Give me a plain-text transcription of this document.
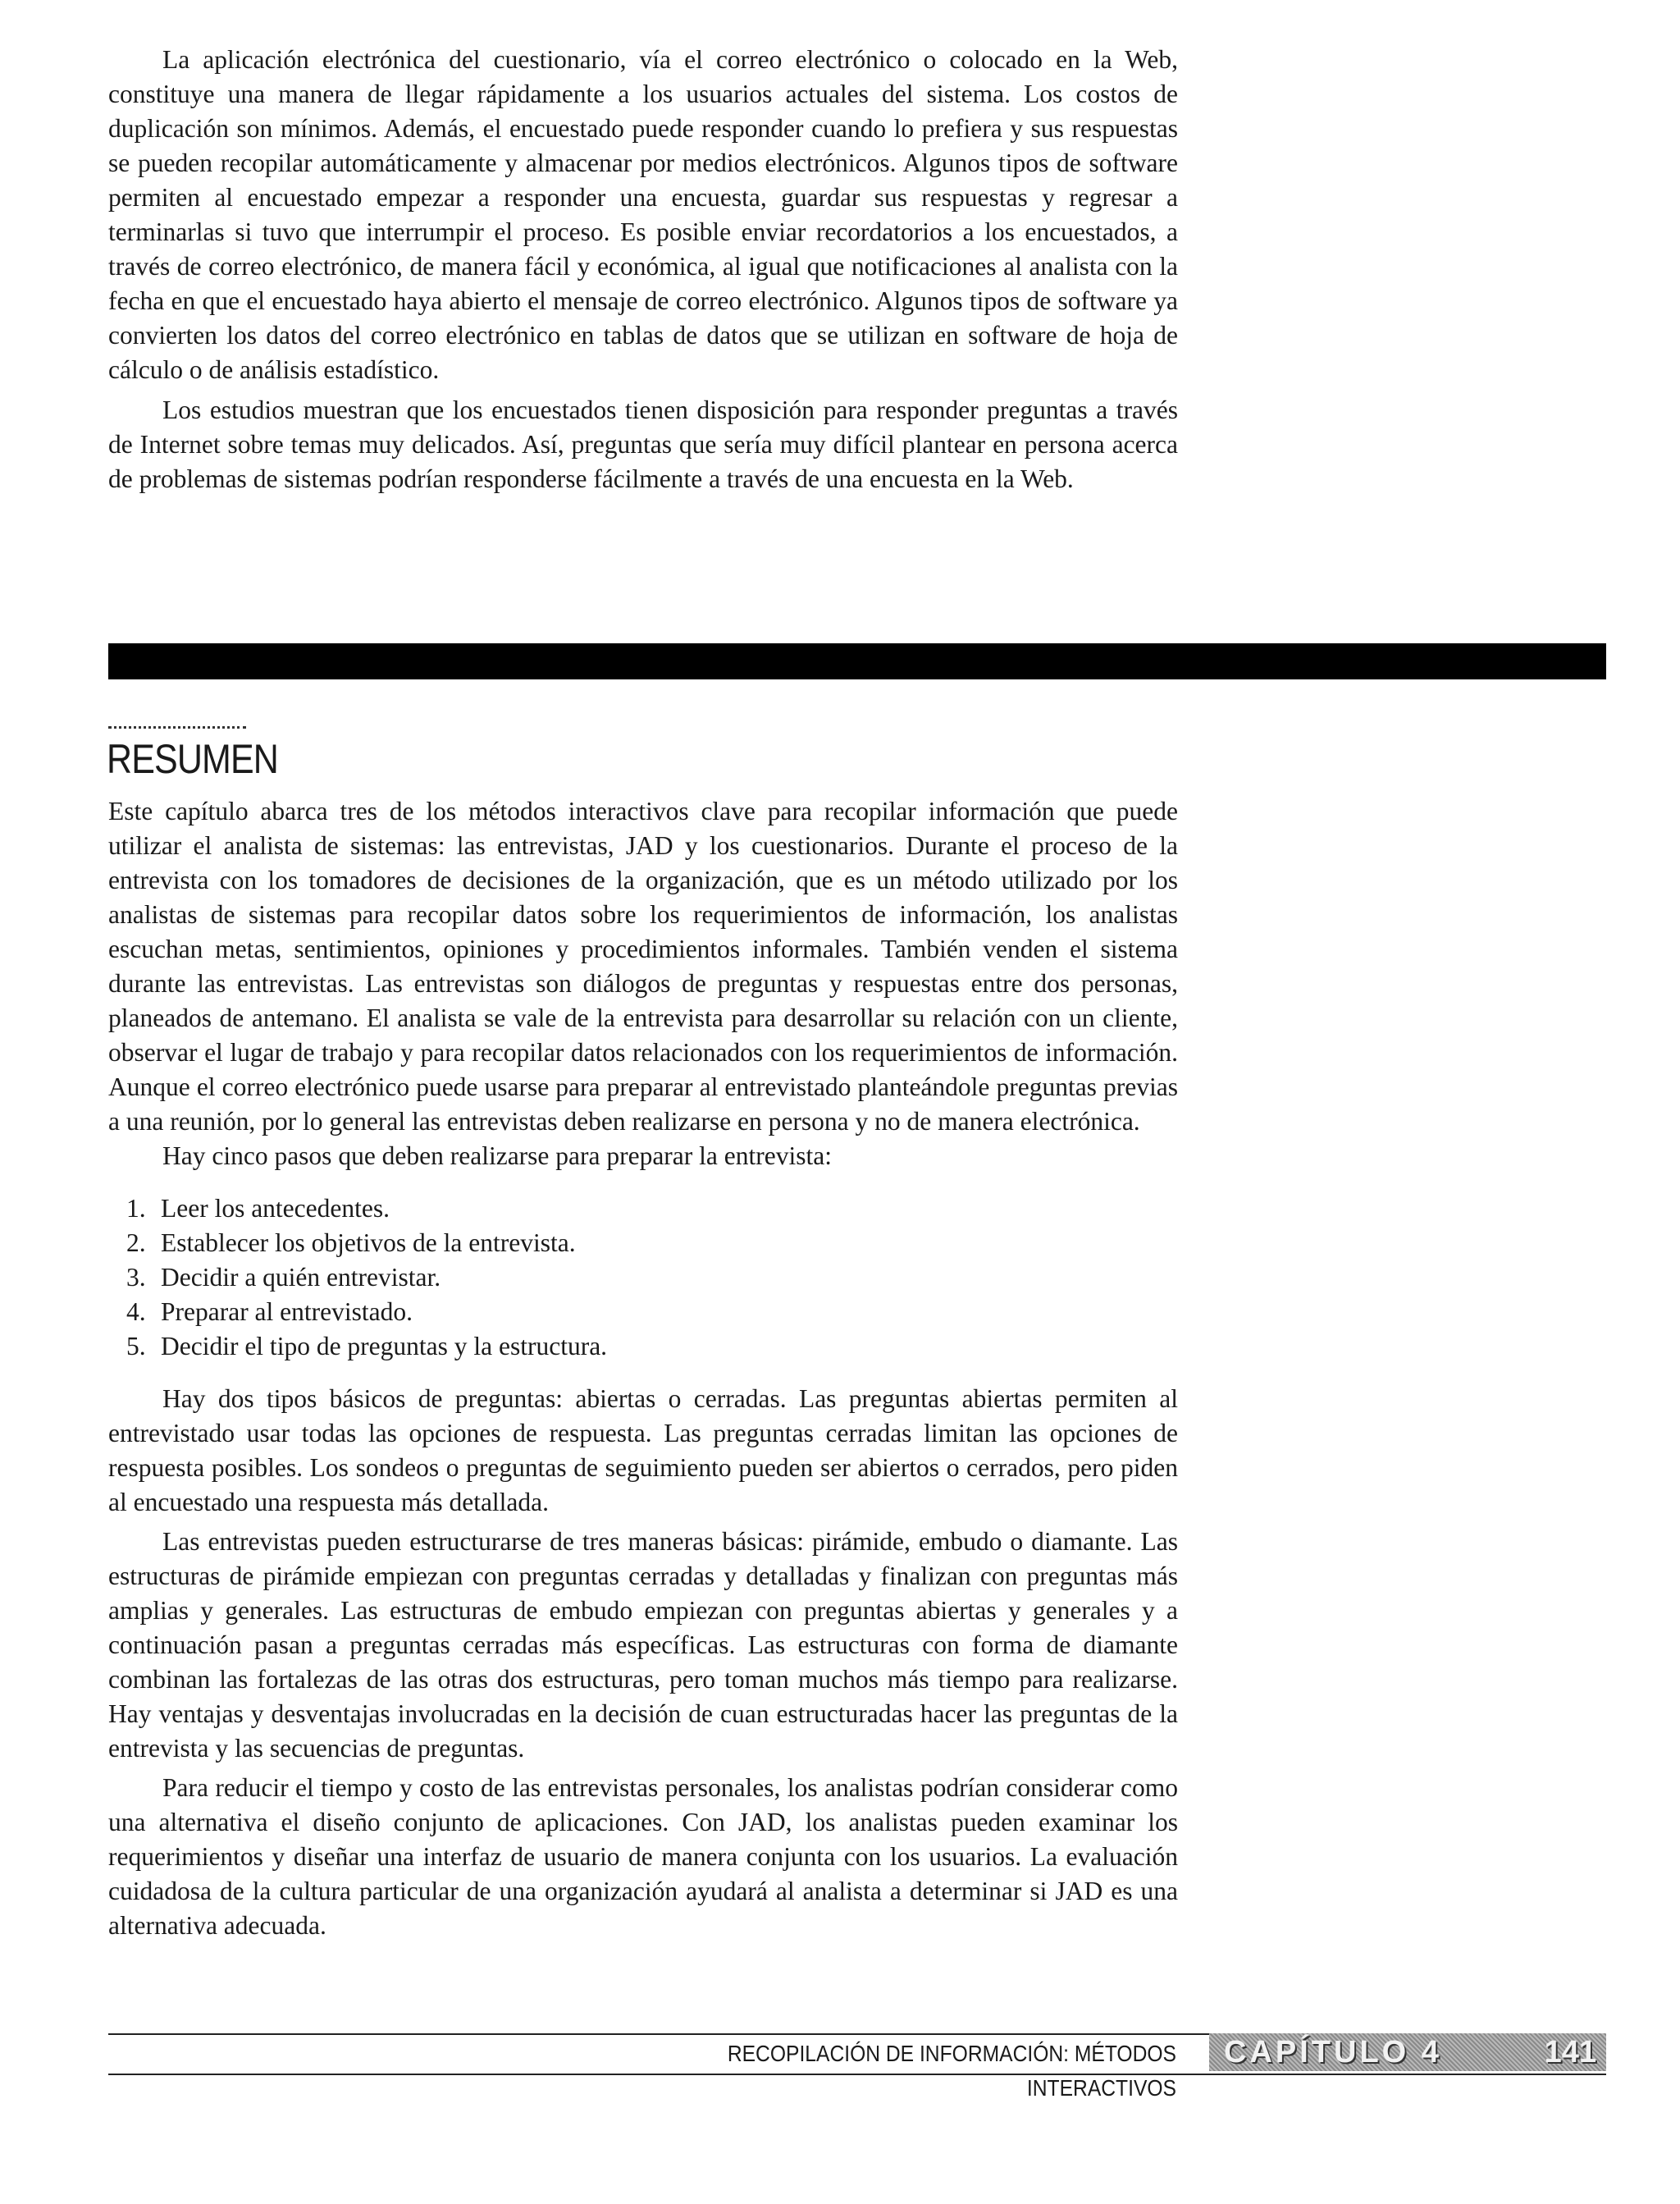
La aplicación electrónica del cuestionario, vía el correo electrónico o colocado en la Web, constituye una manera de llegar rápidamente a los usuarios actuales del sistema. Los costos de duplicación son mínimos. Además, el encuestado puede responder cuando lo prefiera y sus respuestas se pueden recopilar automáticamente y almacenar por medios electrónicos. Algunos tipos de software permiten al encuestado empezar a responder una encuesta, guardar sus respuestas y regresar a terminarlas si tuvo que interrumpir el proceso. Es posible enviar recordatorios a los encuestados, a través de correo electrónico, de manera fácil y económica, al igual que notificaciones al analista con la fecha en que el encuestado haya abierto el mensaje de correo electrónico. Algunos tipos de software ya convierten los datos del correo electrónico en tablas de datos que se utilizan en software de hoja de cálculo o de análisis estadístico.

Los estudios muestran que los encuestados tienen disposición para responder preguntas a través de Internet sobre temas muy delicados. Así, preguntas que sería muy difícil plantear en persona acerca de problemas de sistemas podrían responderse fácilmente a través de una encuesta en la Web.

RESUMEN

Este capítulo abarca tres de los métodos interactivos clave para recopilar información que puede utilizar el analista de sistemas: las entrevistas, JAD y los cuestionarios. Durante el proceso de la entrevista con los tomadores de decisiones de la organización, que es un método utilizado por los analistas de sistemas para recopilar datos sobre los requerimientos de información, los analistas escuchan metas, sentimientos, opiniones y procedimientos informales. También venden el sistema durante las entrevistas. Las entrevistas son diálogos de preguntas y respuestas entre dos personas, planeados de antemano. El analista se vale de la entrevista para desarrollar su relación con un cliente, observar el lugar de trabajo y para recopilar datos relacionados con los requerimientos de información. Aunque el correo electrónico puede usarse para preparar al entrevistado planteándole preguntas previas a una reunión, por lo general las entrevistas deben realizarse en persona y no de manera electrónica.

Hay cinco pasos que deben realizarse para preparar la entrevista:

1. Leer los antecedentes.
2. Establecer los objetivos de la entrevista.
3. Decidir a quién entrevistar.
4. Preparar al entrevistado.
5. Decidir el tipo de preguntas y la estructura.

Hay dos tipos básicos de preguntas: abiertas o cerradas. Las preguntas abiertas permiten al entrevistado usar todas las opciones de respuesta. Las preguntas cerradas limitan las opciones de respuesta posibles. Los sondeos o preguntas de seguimiento pueden ser abiertos o cerrados, pero piden al encuestado una respuesta más detallada.

Las entrevistas pueden estructurarse de tres maneras básicas: pirámide, embudo o diamante. Las estructuras de pirámide empiezan con preguntas cerradas y detalladas y finalizan con preguntas más amplias y generales. Las estructuras de embudo empiezan con preguntas abiertas y generales y a continuación pasan a preguntas cerradas más específicas. Las estructuras con forma de diamante combinan las fortalezas de las otras dos estructuras, pero toman muchos más tiempo para realizarse. Hay ventajas y desventajas involucradas en la decisión de cuan estructuradas hacer las preguntas de la entrevista y las secuencias de preguntas.

Para reducir el tiempo y costo de las entrevistas personales, los analistas podrían considerar como una alternativa el diseño conjunto de aplicaciones. Con JAD, los analistas pueden examinar los requerimientos y diseñar una interfaz de usuario de manera conjunta con los usuarios. La evaluación cuidadosa de la cultura particular de una organización ayudará al analista a determinar si JAD es una alternativa adecuada.

RECOPILACIÓN DE INFORMACIÓN: MÉTODOS INTERACTIVOS
CAPÍTULO 4	141
